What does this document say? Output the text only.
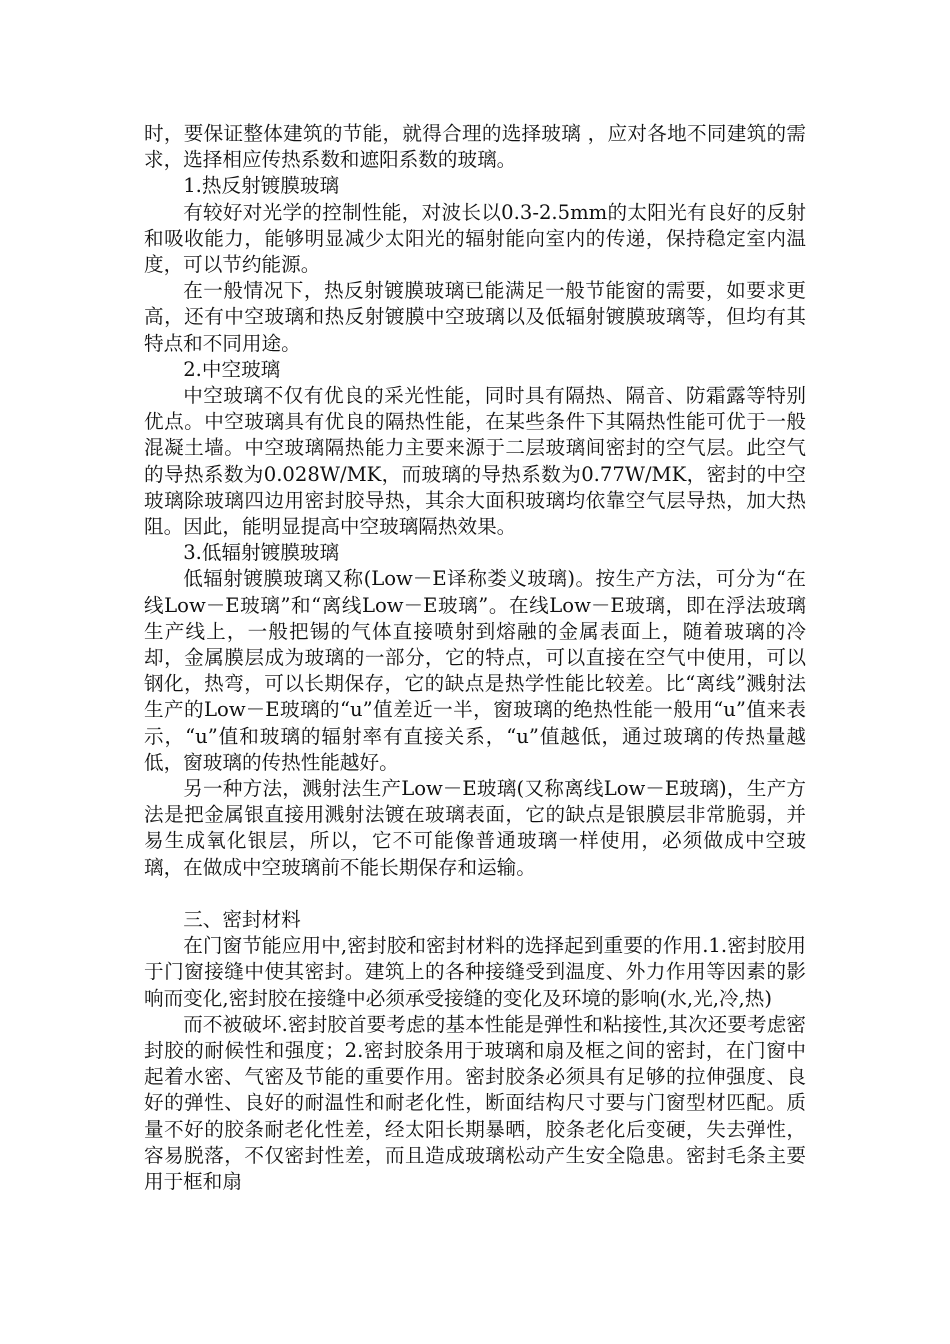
时，要保证整体建筑的节能，就得合理的选择玻璃 ，应对各地不同建筑的需求，选择相应传热系数和遮阳系数的玻璃。

1.热反射镀膜玻璃

有较好对光学的控制性能，对波长以0.3-2.5mm的太阳光有良好的反射和吸收能力，能够明显减少太阳光的辐射能向室内的传递，保持稳定室内温度，可以节约能源。

在一般情况下，热反射镀膜玻璃已能满足一般节能窗的需要，如要求更高，还有中空玻璃和热反射镀膜中空玻璃以及低辐射镀膜玻璃等，但均有其特点和不同用途。

2.中空玻璃

中空玻璃不仅有优良的采光性能，同时具有隔热、隔音、防霜露等特别优点。中空玻璃具有优良的隔热性能，在某些条件下其隔热性能可优于一般混凝土墙。中空玻璃隔热能力主要来源于二层玻璃间密封的空气层。此空气的导热系数为0.028W/MK，而玻璃的导热系数为0.77W/MK，密封的中空玻璃除玻璃四边用密封胶导热，其余大面积玻璃均依靠空气层导热，加大热阻。因此，能明显提高中空玻璃隔热效果。

3.低辐射镀膜玻璃

低辐射镀膜玻璃又称(Low－E译称娄义玻璃)。按生产方法，可分为“在线Low－E玻璃”和“离线Low－E玻璃”。在线Low－E玻璃，即在浮法玻璃生产线上，一般把锡的气体直接喷射到熔融的金属表面上，随着玻璃的冷却，金属膜层成为玻璃的一部分，它的特点，可以直接在空气中使用，可以钢化，热弯，可以长期保存，它的缺点是热学性能比较差。比“离线”溅射法生产的Low－E玻璃的“u”值差近一半，窗玻璃的绝热性能一般用“u”值来表示，“u”值和玻璃的辐射率有直接关系，“u”值越低，通过玻璃的传热量越低，窗玻璃的传热性能越好。

另一种方法，溅射法生产Low－E玻璃(又称离线Low－E玻璃)，生产方法是把金属银直接用溅射法镀在玻璃表面，它的缺点是银膜层非常脆弱，并易生成氧化银层，所以，它不可能像普通玻璃一样使用，必须做成中空玻璃，在做成中空玻璃前不能长期保存和运输。

三、密封材料

在门窗节能应用中,密封胶和密封材料的选择起到重要的作用.1.密封胶用于门窗接缝中使其密封。建筑上的各种接缝受到温度、外力作用等因素的影响而变化,密封胶在接缝中必须承受接缝的变化及环境的影响(水,光,冷,热)

而不被破坏.密封胶首要考虑的基本性能是弹性和粘接性,其次还要考虑密封胶的耐候性和强度；2.密封胶条用于玻璃和扇及框之间的密封，在门窗中起着水密、气密及节能的重要作用。密封胶条必须具有足够的拉伸强度、良好的弹性、良好的耐温性和耐老化性，断面结构尺寸要与门窗型材匹配。质量不好的胶条耐老化性差，经太阳长期暴晒，胶条老化后变硬，失去弹性，容易脱落，不仅密封性差，而且造成玻璃松动产生安全隐患。密封毛条主要用于框和扇
